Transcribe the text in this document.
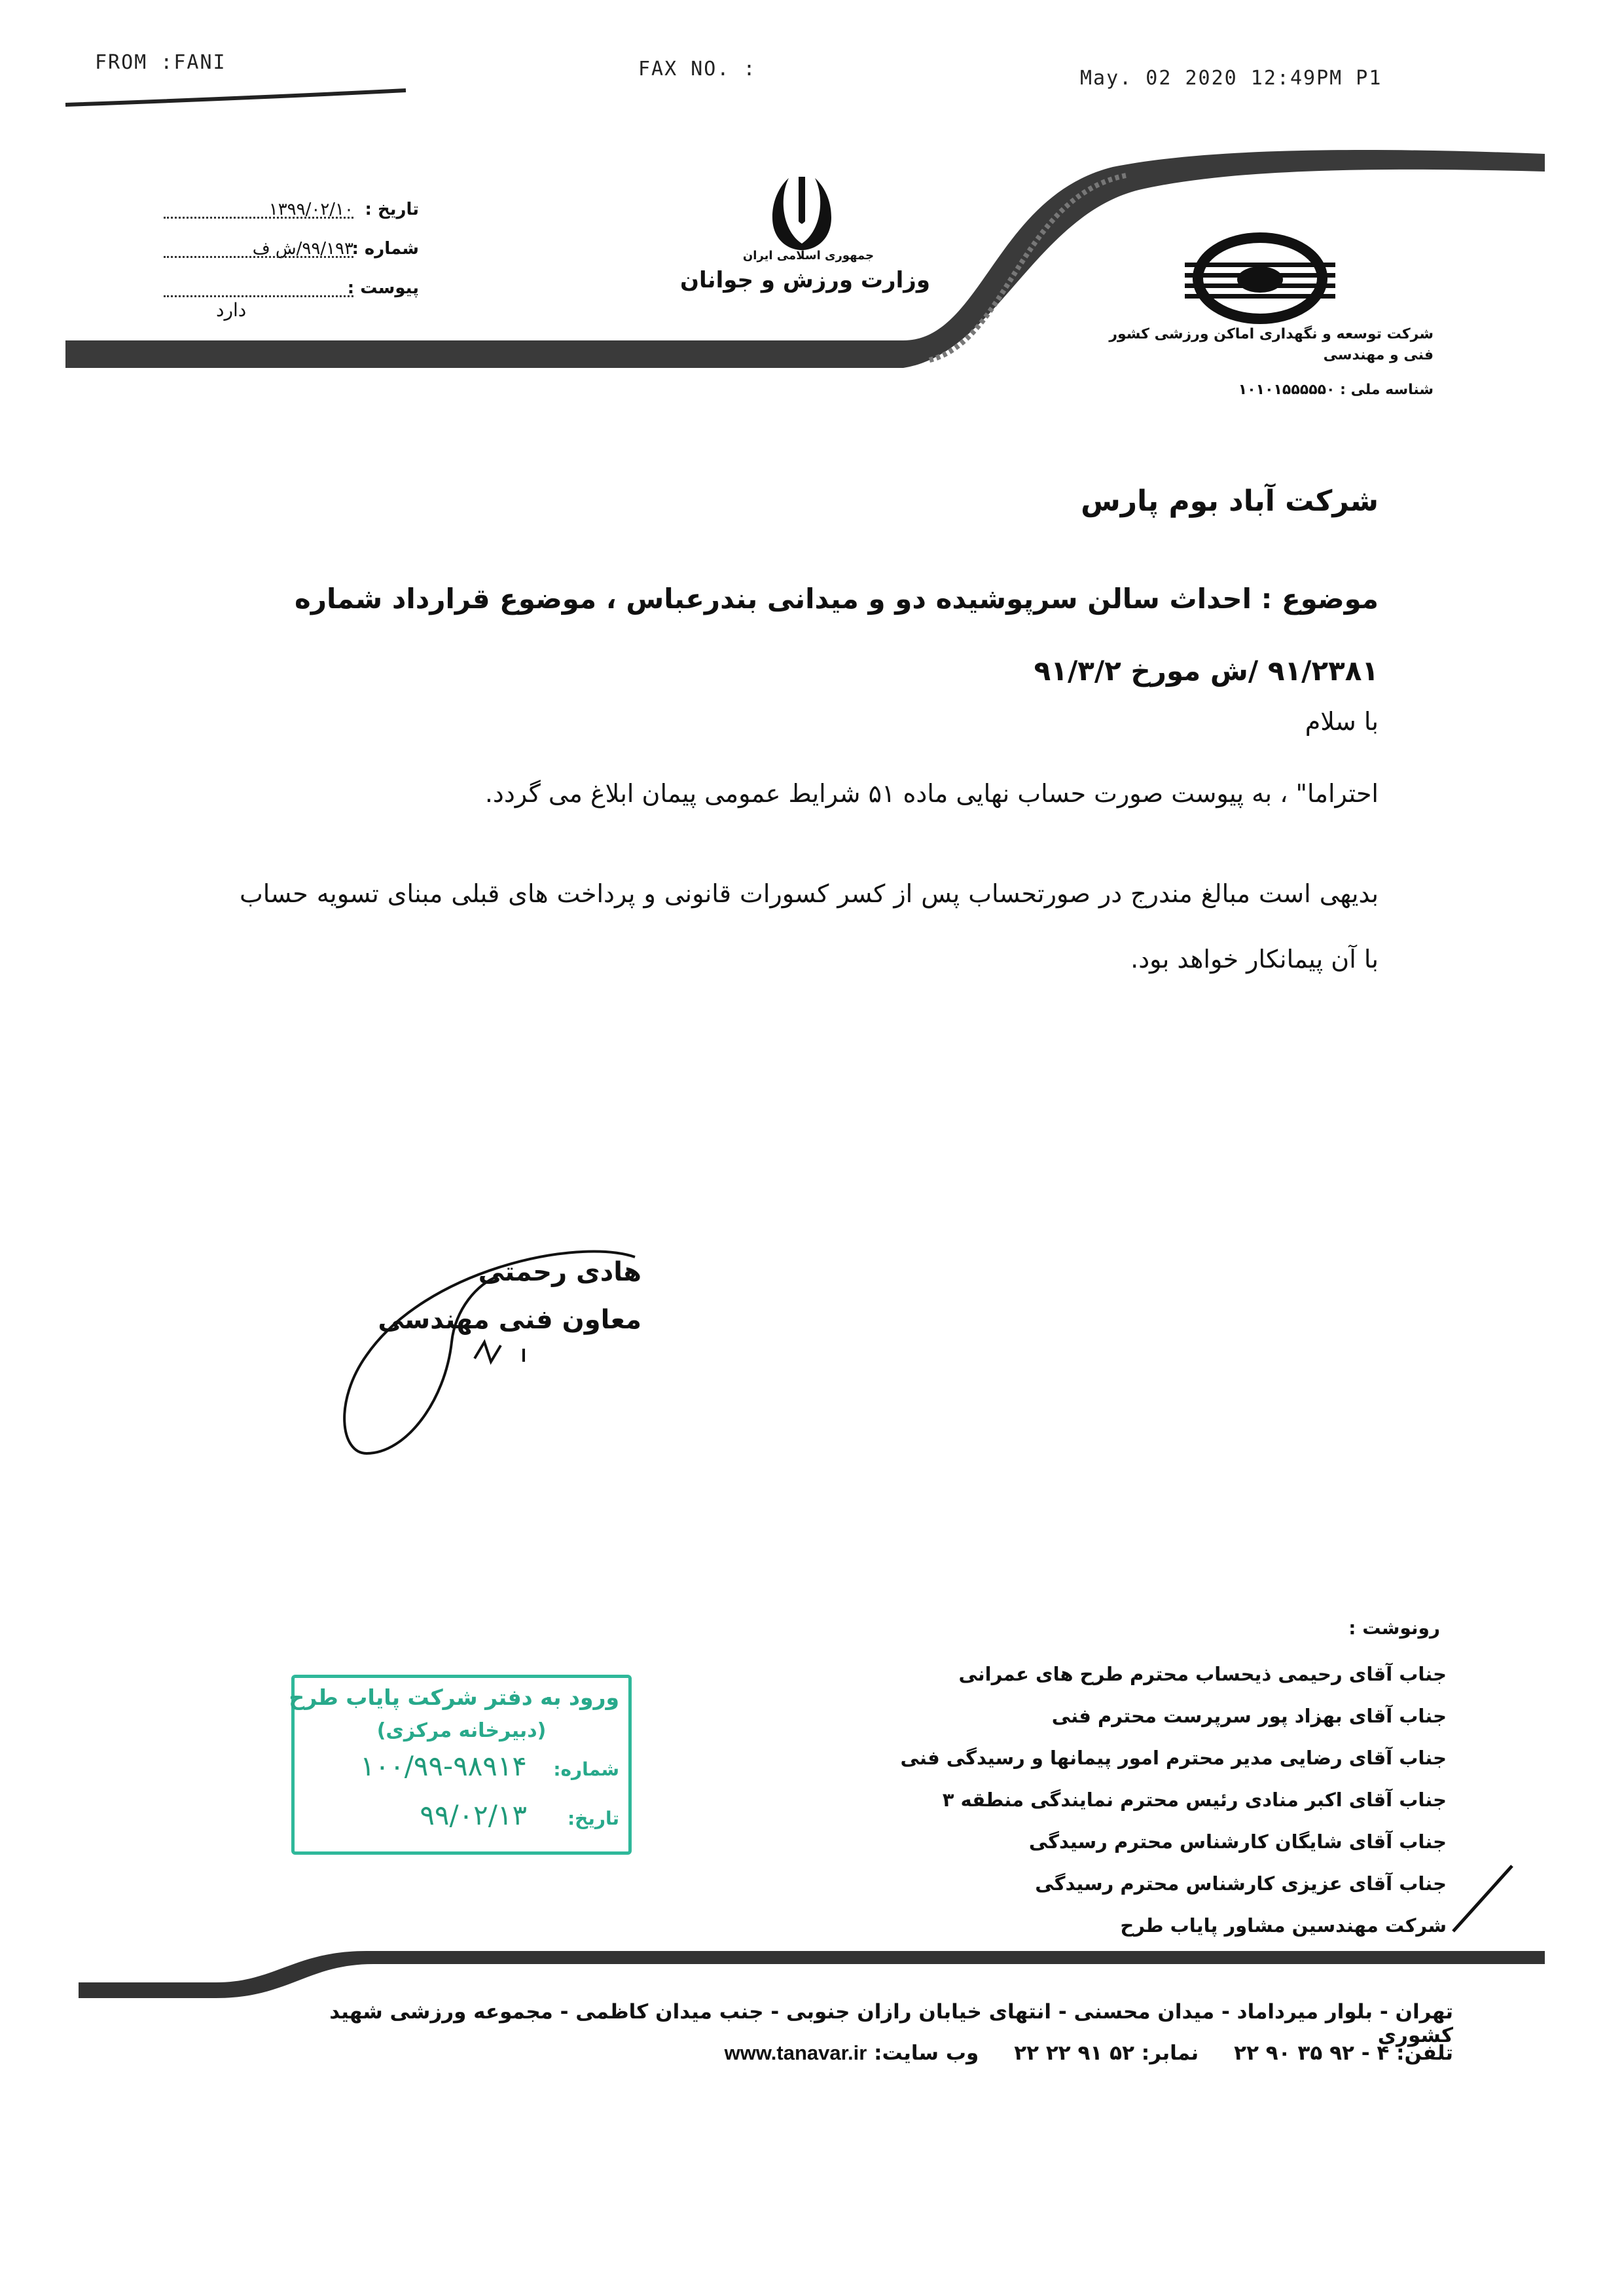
FROM :FANI	FAX NO. :	May. 02 2020 12:49PM P1
جمهوری اسلامی ایران
وزارت ورزش و جوانان
تاریخ :
۱۳۹۹/۰۲/۱۰
شماره :
۹۹/۱۹۳/ش ف
پیوست :
دارد
شرکت توسعه و نگهداری اماکن ورزشی کشور
فنی و مهندسی
شناسه ملی : ۱۰۱۰۱۵۵۵۵۵۰
شرکت آباد بوم پارس
موضوع : احداث سالن سرپوشیده دو و میدانی بندرعباس ، موضوع قرارداد شماره ۹۱/۲۳۸۱ /ش مورخ ۹۱/۳/۲
با سلام
احتراما" ، به پیوست صورت حساب نهایی ماده ۵۱ شرایط عمومی پیمان ابلاغ می گردد.
بدیهی است مبالغ مندرج در صورتحساب پس از کسر کسورات قانونی و پرداخت های قبلی مبنای تسویه حساب با آن پیمانکار خواهد بود.
هادی رحمتی
معاون فنی مهندسی
رونوشت :
جناب آقای رحیمی ذیحساب محترم طرح های عمرانی
جناب آقای بهزاد پور سرپرست محترم فنی
جناب آقای رضایی مدیر محترم امور پیمانها و رسیدگی فنی
جناب آقای اکبر منادی رئیس محترم نمایندگی منطقه ۳
جناب آقای شایگان کارشناس محترم رسیدگی
جناب آقای عزیزی کارشناس محترم رسیدگی
شرکت مهندسین مشاور پایاب طرح
ورود به دفتر شرکت پایاب طرح
(دبیرخانه مرکزی)
شماره:
۱۰۰/۹۹-۹۸۹۱۴
تاریخ:
۹۹/۰۲/۱۳
تهران - بلوار میرداماد - میدان محسنی - انتهای خیابان رازان جنوبی - جنب میدان کاظمی - مجموعه ورزشی شهید کشوری
تلفن: ۴ - ۹۲ ۳۵ ۹۰ ۲۲     نمابر: ۵۲ ۹۱ ۲۲ ۲۲     وب سایت: www.tanavar.ir
